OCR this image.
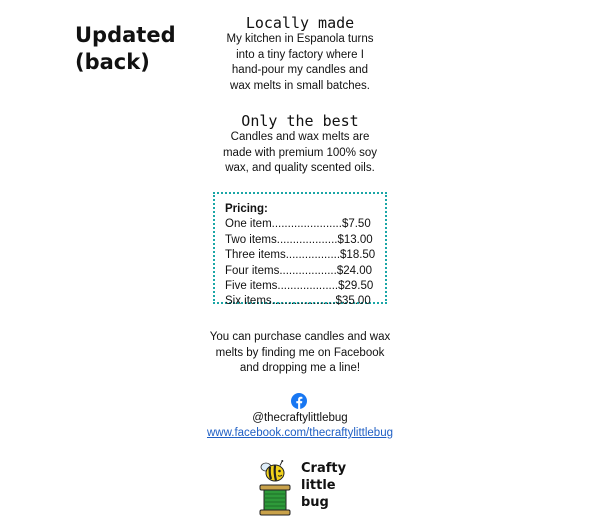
Updated
(back)
Locally made
My kitchen in Espanola turns
into a tiny factory where I
hand-pour my candles and
wax melts in small batches.
Only the best
Candles and wax melts are
made with premium 100% soy
wax, and quality scented oils.
Pricing:
One item......................$7.50
Two items...................$13.00
Three items.................$18.50
Four items..................$24.00
Five items...................$29.50
Six items....................$35.00
You can purchase candles and wax
melts by finding me on Facebook
and dropping me a line!
@thecraftylittlebug
www.facebook.com/thecraftylittlebug
Crafty
little
bug
